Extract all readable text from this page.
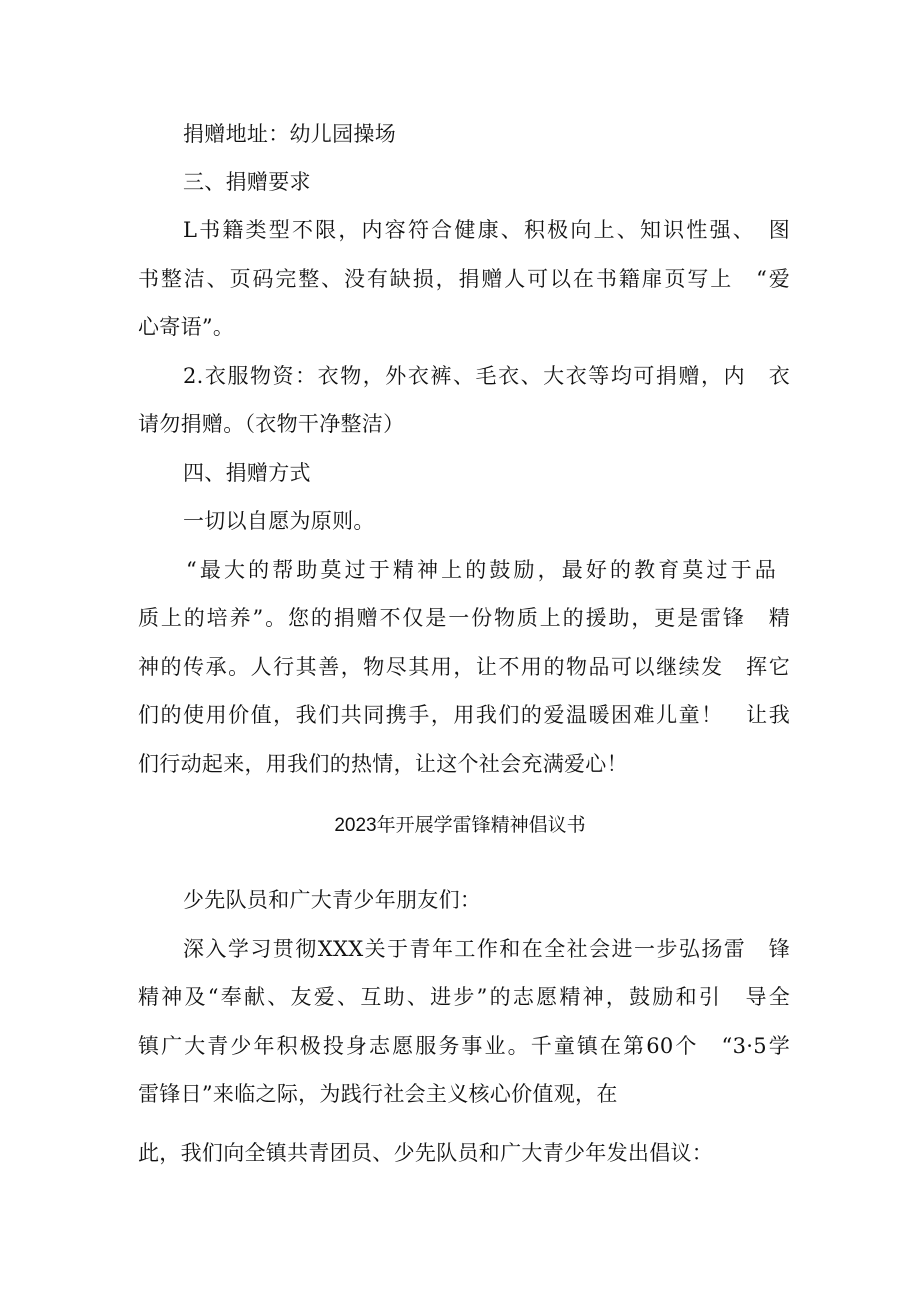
捐赠地址：幼儿园操场
三、捐赠要求
L书籍类型不限，内容符合健康、积极向上、知识性强、　图
书整洁、页码完整、没有缺损，捐赠人可以在书籍扉页写上　“爱
心寄语”。
2.衣服物资：衣物，外衣裤、毛衣、大衣等均可捐赠，内　衣
请勿捐赠。（衣物干净整洁）
四、捐赠方式
一切以自愿为原则。
“最大的帮助莫过于精神上的鼓励，最好的教育莫过于品
质上的培养”。您的捐赠不仅是一份物质上的援助，更是雷锋　精
神的传承。人行其善，物尽其用，让不用的物品可以继续发　挥它
们的使用价值，我们共同携手，用我们的爱温暖困难儿童！　让我
们行动起来，用我们的热情，让这个社会充满爱心！
2023年开展学雷锋精神倡议书
少先队员和广大青少年朋友们：
深入学习贯彻XXX关于青年工作和在全社会进一步弘扬雷　锋
精神及“奉献、友爱、互助、进步”的志愿精神，鼓励和引　导全
镇广大青少年积极投身志愿服务事业。千童镇在第60个　“3·5学
雷锋日”来临之际，为践行社会主义核心价值观，在
此，我们向全镇共青团员、少先队员和广大青少年发出倡议：
